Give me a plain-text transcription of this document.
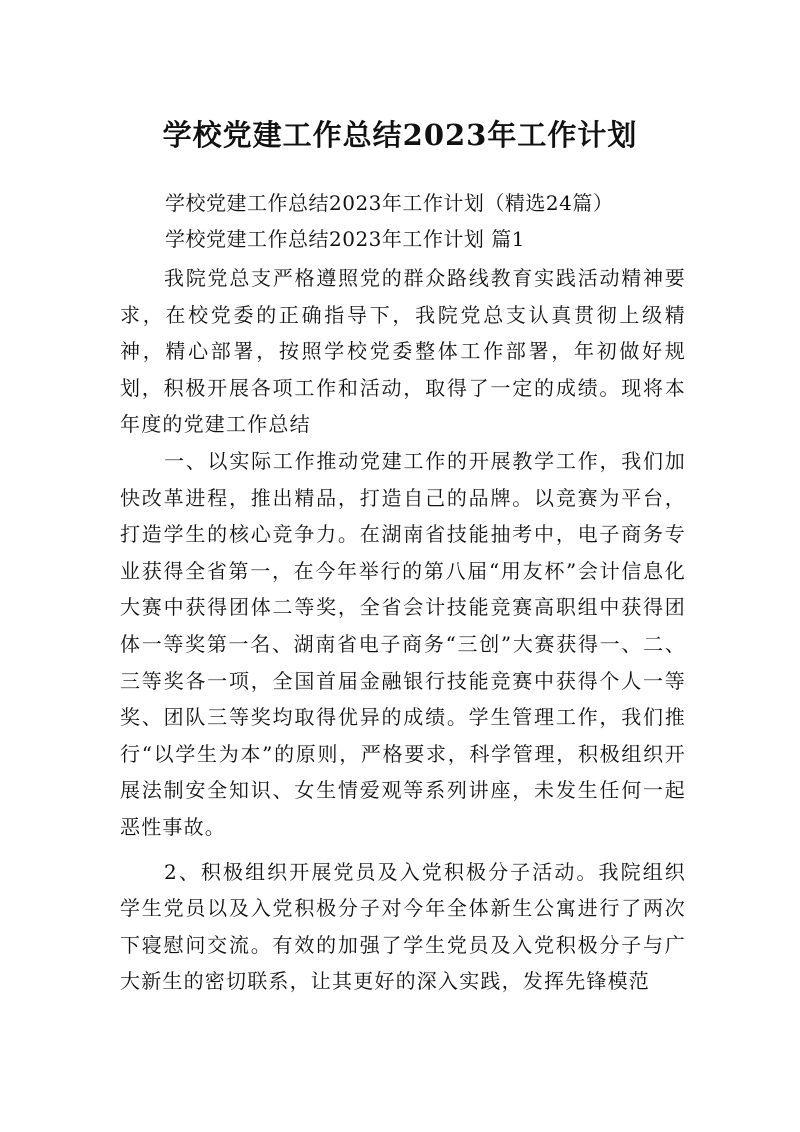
学校党建工作总结2023年工作计划
学校党建工作总结2023年工作计划（精选24篇）
学校党建工作总结2023年工作计划 篇1

我院党总支严格遵照党的群众路线教育实践活动精神要求，在校党委的正确指导下，我院党总支认真贯彻上级精神，精心部署，按照学校党委整体工作部署，年初做好规划，积极开展各项工作和活动，取得了一定的成绩。现将本年度的党建工作总结

一、以实际工作推动党建工作的开展教学工作，我们加快改革进程，推出精品，打造自己的品牌。以竞赛为平台，打造学生的核心竞争力。在湖南省技能抽考中，电子商务专业获得全省第一，在今年举行的第八届“用友杯”会计信息化大赛中获得团体二等奖，全省会计技能竞赛高职组中获得团体一等奖第一名、湖南省电子商务“三创”大赛获得一、二、三等奖各一项，全国首届金融银行技能竞赛中获得个人一等奖、团队三等奖均取得优异的成绩。学生管理工作，我们推行“以学生为本”的原则，严格要求，科学管理，积极组织开展法制安全知识、女生情爱观等系列讲座，未发生任何一起恶性事故。

2、积极组织开展党员及入党积极分子活动。我院组织学生党员以及入党积极分子对今年全体新生公寓进行了两次下寝慰问交流。有效的加强了学生党员及入党积极分子与广大新生的密切联系，让其更好的深入实践，发挥先锋模范
